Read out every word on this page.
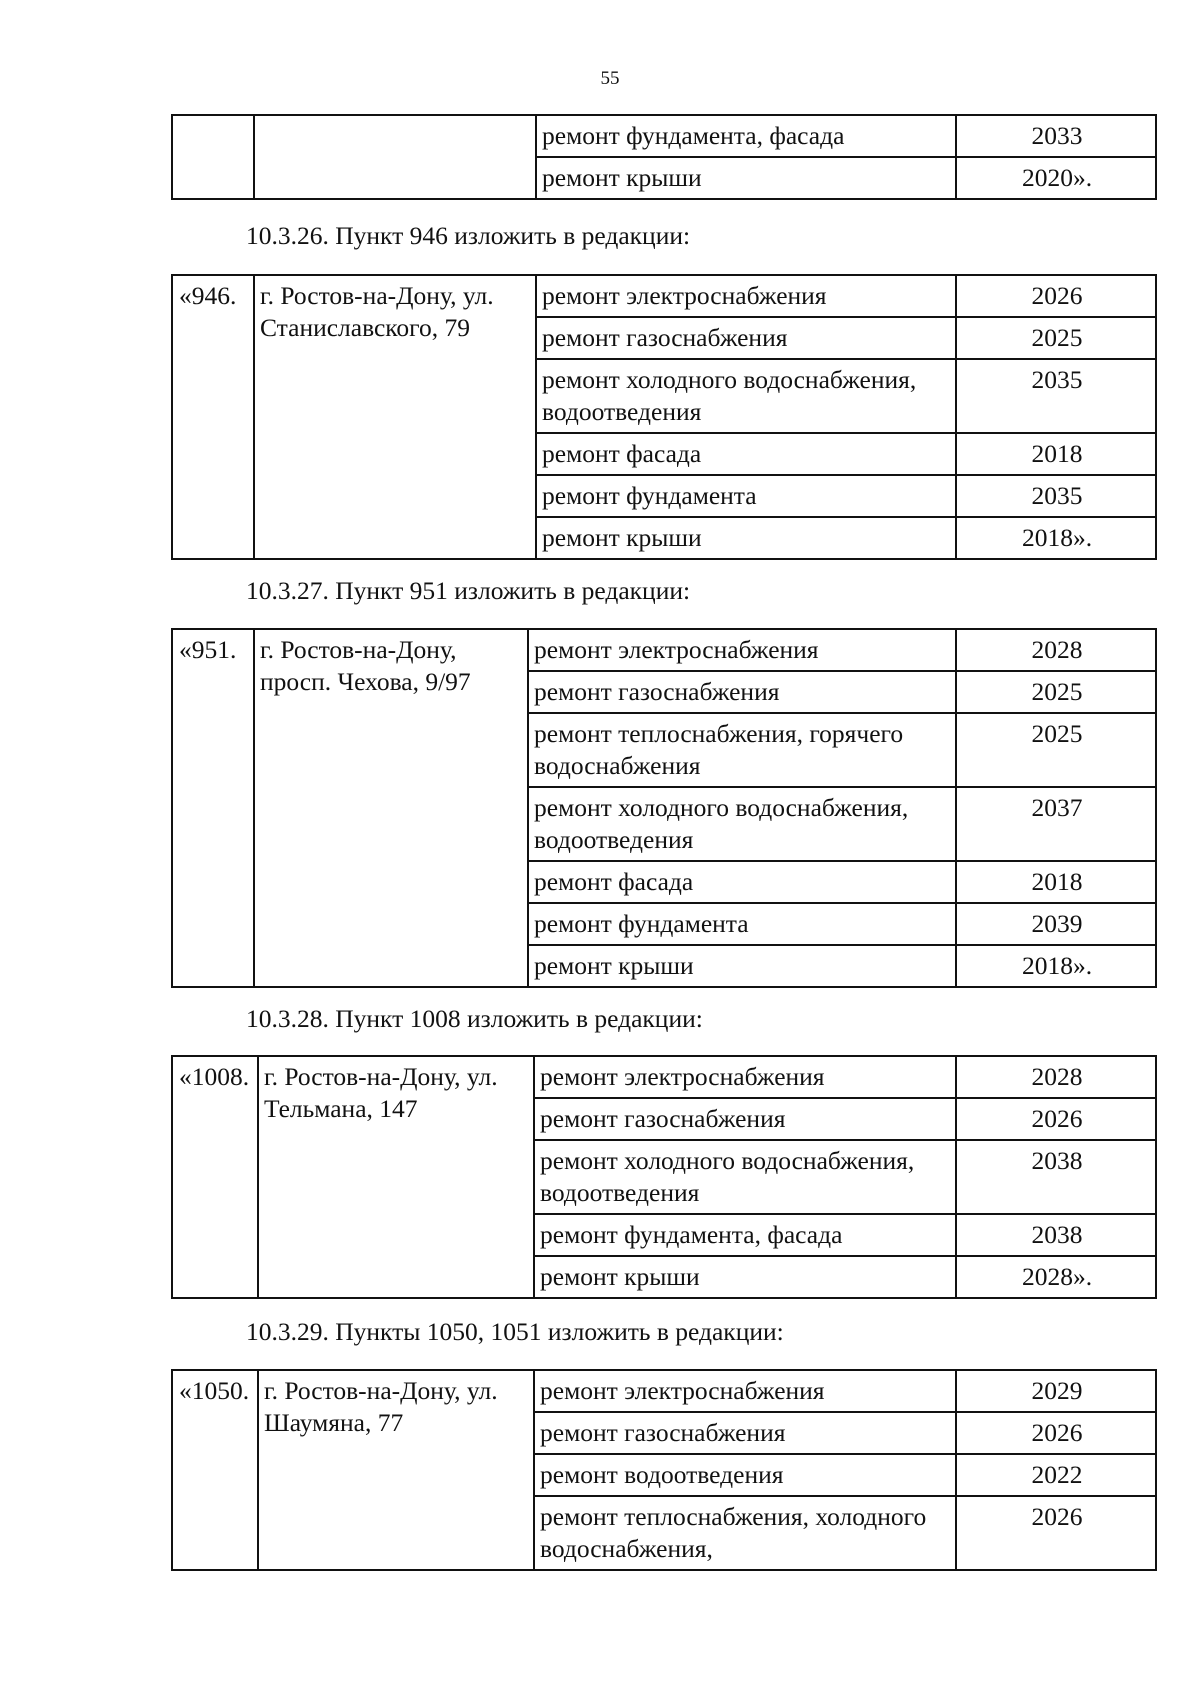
55
		ремонт фундамента, фасада	2033
		ремонт крыши	2020».
10.3.26. Пункт 946 изложить в редакции:
«946.	г. Ростов-на-Дону, ул. Станиславского, 79	ремонт электроснабжения	2026
		ремонт газоснабжения	2025
		ремонт холодного водоснабжения, водоотведения	2035
		ремонт фасада	2018
		ремонт фундамента	2035
		ремонт крыши	2018».
10.3.27. Пункт 951 изложить в редакции:
«951.	г. Ростов-на-Дону, просп. Чехова, 9/97	ремонт электроснабжения	2028
		ремонт газоснабжения	2025
		ремонт теплоснабжения, горячего водоснабжения	2025
		ремонт холодного водоснабжения, водоотведения	2037
		ремонт фасада	2018
		ремонт фундамента	2039
		ремонт крыши	2018».
10.3.28. Пункт 1008 изложить в редакции:
«1008.	г. Ростов-на-Дону, ул. Тельмана, 147	ремонт электроснабжения	2028
		ремонт газоснабжения	2026
		ремонт холодного водоснабжения, водоотведения	2038
		ремонт фундамента, фасада	2038
		ремонт крыши	2028».
10.3.29. Пункты 1050, 1051 изложить в редакции:
«1050.	г. Ростов-на-Дону, ул. Шаумяна, 77	ремонт электроснабжения	2029
		ремонт газоснабжения	2026
		ремонт водоотведения	2022
		ремонт теплоснабжения, холодного водоснабжения,	2026
